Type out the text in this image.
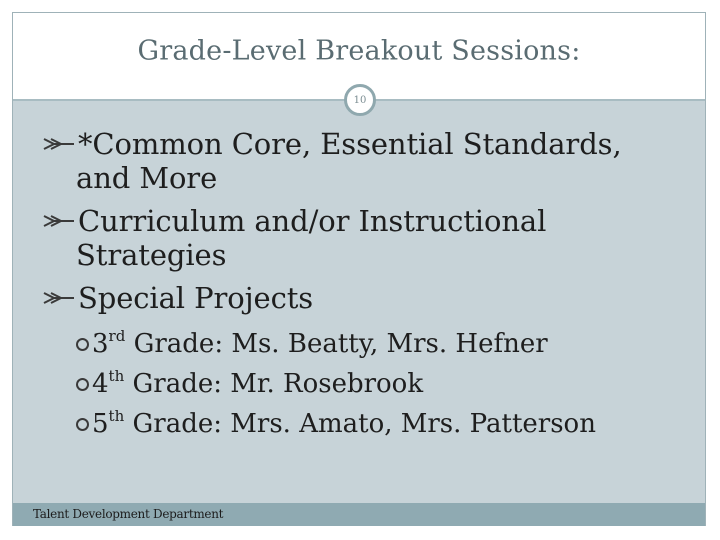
Grade-Level Breakout Sessions:
10
*Common Core, Essential Standards,
and More
Curriculum and/or Instructional
Strategies
Special Projects
3rd Grade: Ms. Beatty, Mrs. Hefner
4th Grade: Mr. Rosebrook
5th Grade: Mrs. Amato, Mrs. Patterson
Talent Development Department
